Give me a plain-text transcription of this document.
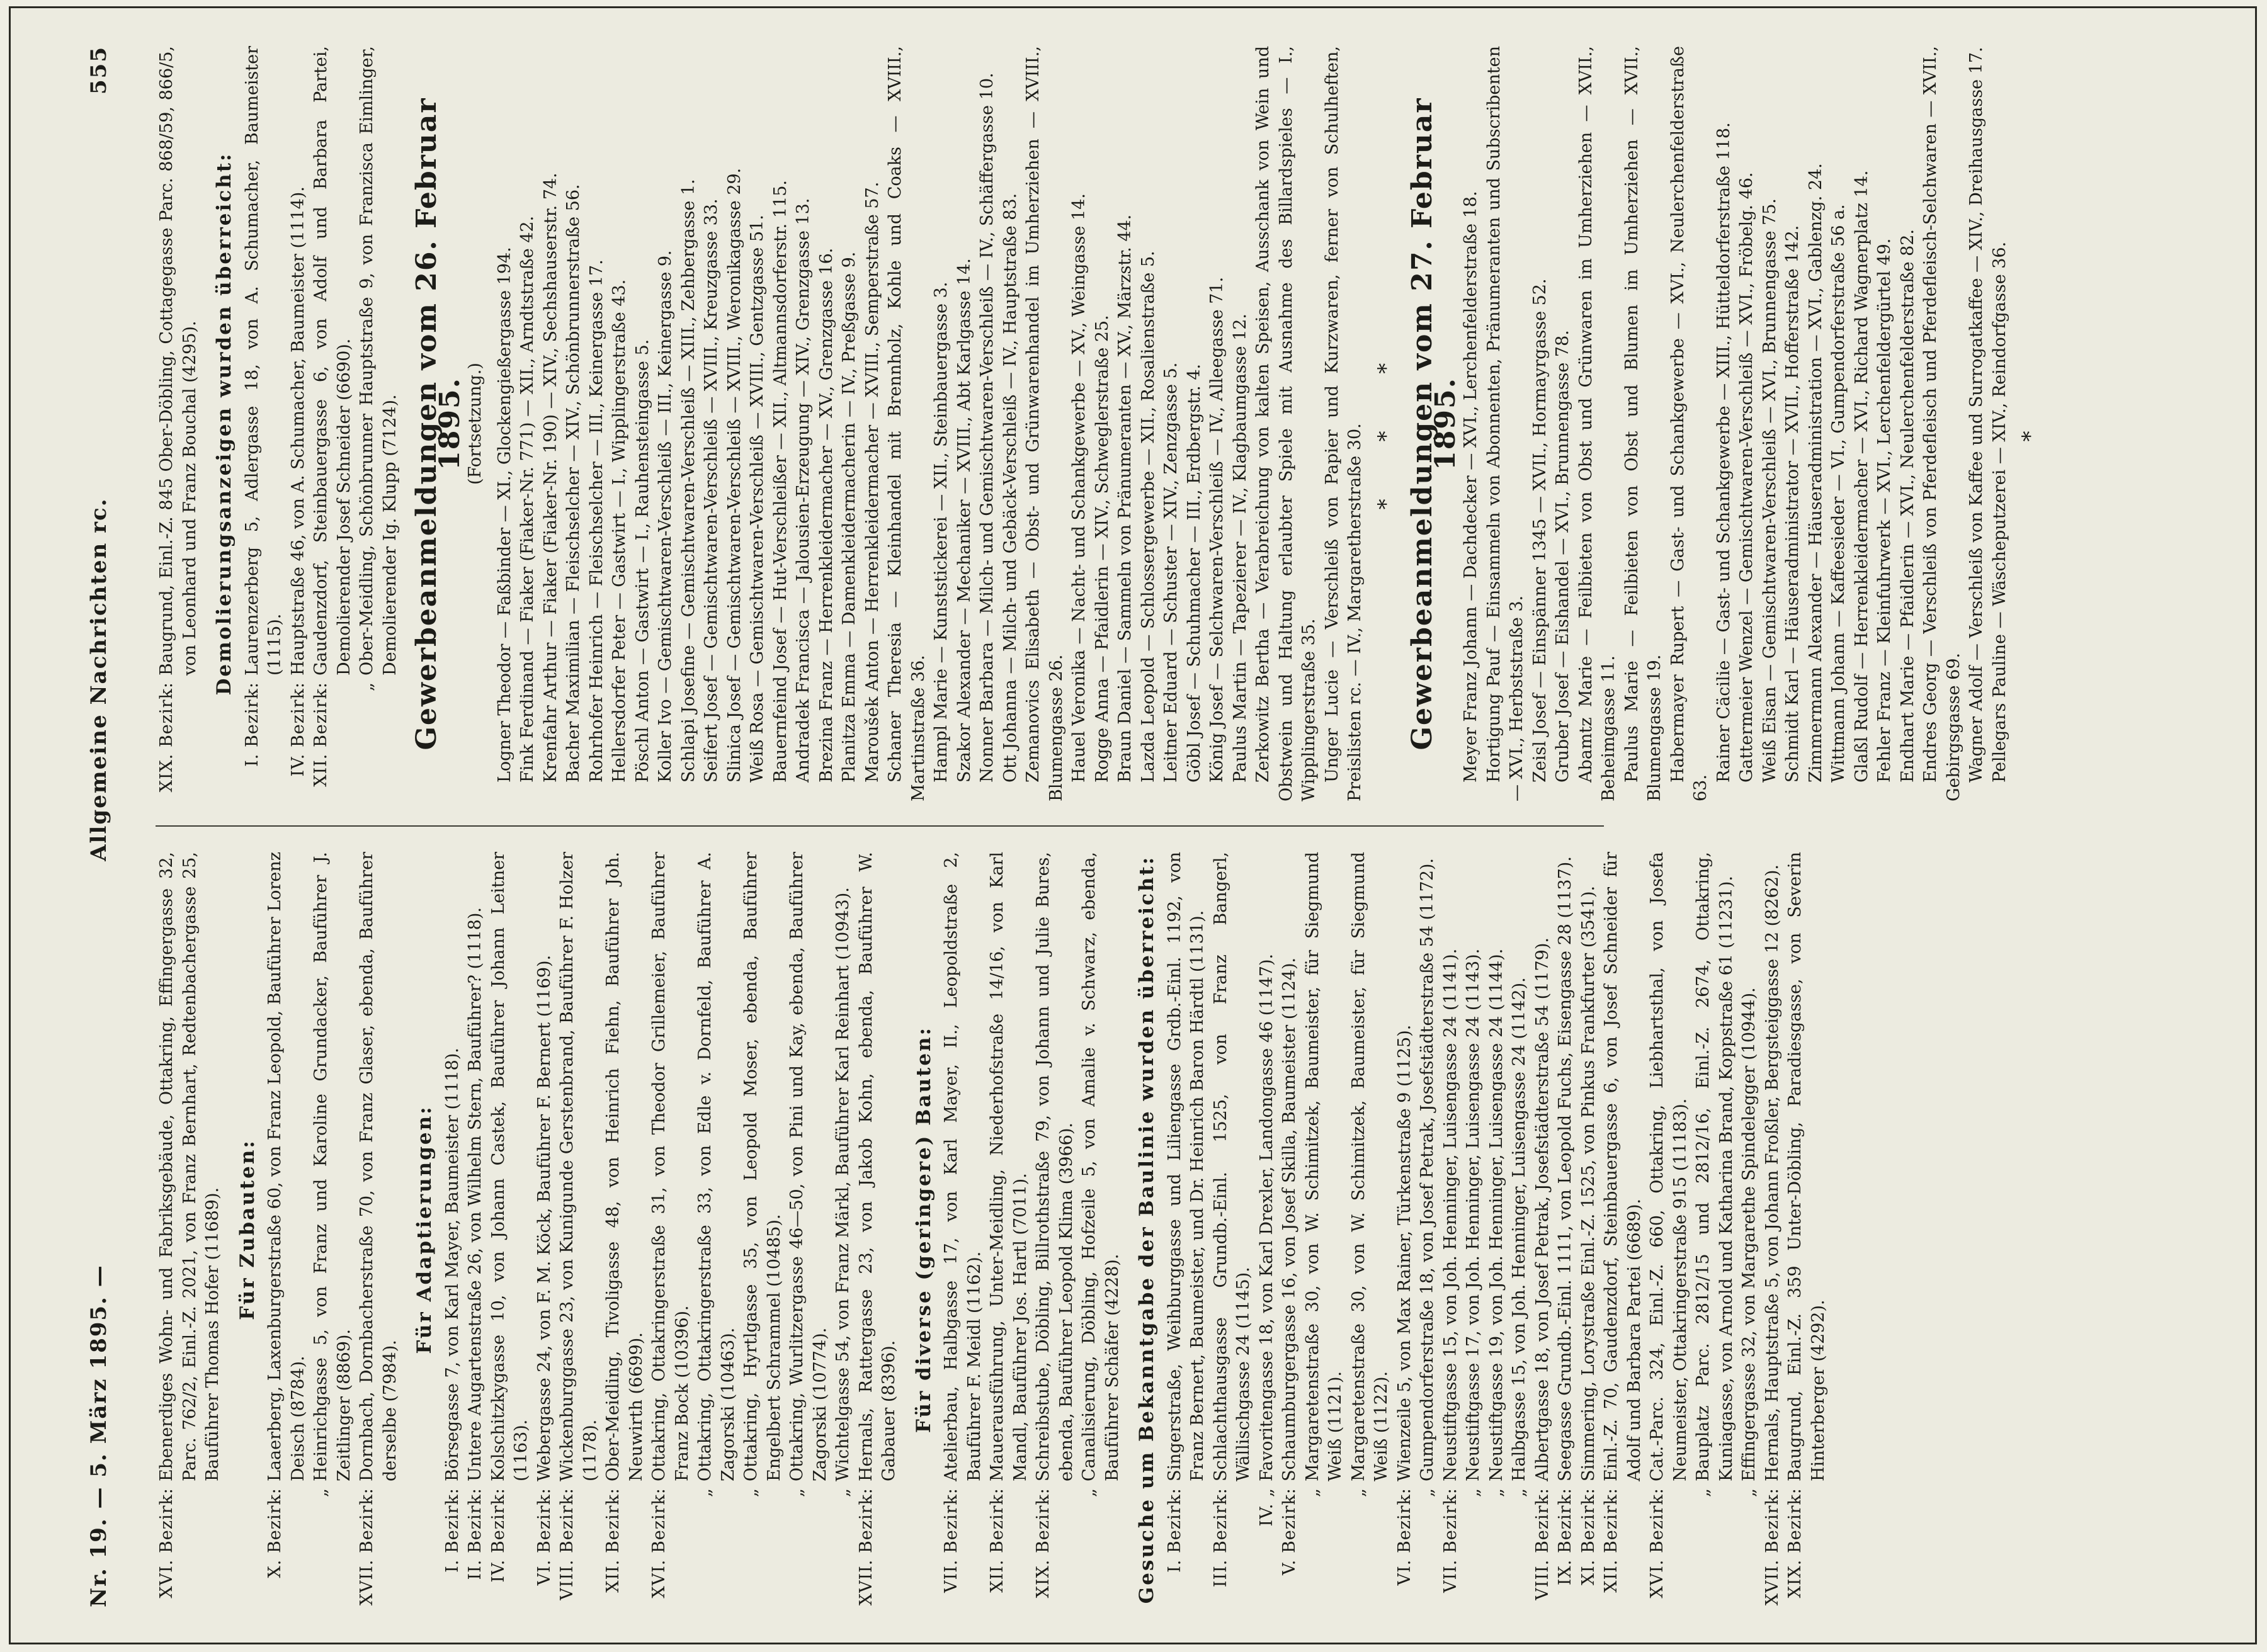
Nr. 19. — 5. März 1895. —
Allgemeine Nachrichten rc.
555
XVI. Bezirk:
Ebenerdiges Wohn- und Fabriksgebäude, Ottakring, Effingergasse 32, Parc. 762/2, Einl.-Z. 2021, von Franz Bernhart, Redtenbachergasse 25, Bauführer Thomas Hofer (11689). Für Zubauten:
X. Bezirk:
Laaerberg, Laxenburgerstraße 60, von Franz Leopold, Bauführer Lorenz Deisch (8784).
„
Heinrichgasse 5, von Franz und Karoline Grundacker, Bauführer J. Zeitlinger (8869).
XVII. Bezirk:
Dornbach, Dornbacherstraße 70, von Franz Glaser, ebenda, Bauführer derselbe (7984).
Für Adaptierungen:
I. Bezirk:
Börsegasse 7, von Karl Mayer, Baumeister (1118).
II. Bezirk:
Untere Augartenstraße 26, von Wilhelm Stern, Bauführer? (1118).
IV. Bezirk:
Kolschitzkygasse 10, von Johann Castek, Bauführer Johann Leitner (1163).
VI. Bezirk:
Webergasse 24, von F. M. Köck, Bauführer F. Bernert (1169).
VIII. Bezirk:
Wickenburggasse 23, von Kunigunde Gerstenbrand, Bauführer F. Holzer (1178).
XII. Bezirk:
Ober-Meidling, Tivoligasse 48, von Heinrich Fiehn, Bauführer Joh. Neuwirth (6699).
XVI. Bezirk:
Ottakring, Ottakringerstraße 31, von Theodor Grillemeier, Bauführer Franz Bock (10396).
„
Ottakring, Ottakringerstraße 33, von Edle v. Dornfeld, Bauführer A. Zagorski (10463).
„
Ottakring, Hyrtlgasse 35, von Leopold Moser, ebenda, Bauführer Engelbert Schrammel (10485).
„
Ottakring, Wurlitzergasse 46—50, von Pini und Kay, ebenda, Bauführer Zagorski (10774).
„
Wichtelgasse 54, von Franz Märkl, Bauführer Karl Reinhart (10943).
XVII. Bezirk:
Hernals, Rattergasse 23, von Jakob Kohn, ebenda, Bauführer W. Gabauer (8396). Für diverse (geringere) Bauten:
VII. Bezirk:
Atelierbau, Halbgasse 17, von Karl Mayer, II., Leopoldstraße 2, Bauführer F. Meidl (1162).
XII. Bezirk:
Mauerausführung, Unter-Meidling, Niederhofstraße 14/16, von Karl Mandl, Bauführer Jos. Hartl (7011).
XIX. Bezirk:
Schreibstube, Döbling, Billrothstraße 79, von Johann und Julie Bures, ebenda, Bauführer Leopold Klima (3966).
„
Canalisierung, Döbling, Hofzeile 5, von Amalie v. Schwarz, ebenda, Bauführer Schäfer (4228). Gesuche um Bekanntgabe der Baulinie wurden überreicht: I. Bezirk:
Singerstraße, Weihburggasse und Liliengasse Grdb.-Einl. 1192, von Franz Bernert, Baumeister, und Dr. Heinrich Baron Härdtl (1131).
III. Bezirk:
Schlachthausgasse Grundb.-Einl. 1525, von Franz Bangerl, Wällischgasse 24 (1145).
IV. „
Favoritengasse 18, von Karl Drexler, Landongasse 46 (1147).
V. Bezirk:
Schaumburgergasse 16, von Josef Skilla, Baumeister (1124).
„
Margaretenstraße 30, von W. Schimitzek, Baumeister, für Siegmund Weiß (1121).
„
Margaretenstraße 30, von W. Schimitzek, Baumeister, für Siegmund Weiß (1122).
VI. Bezirk:
Wienzeile 5, von Max Rainer, Türkenstraße 9 (1125).
„
Gumpendorferstraße 18, von Josef Petrak, Josefstädterstraße 54 (1172).
VII. Bezirk:
Neustiftgasse 15, von Joh. Henninger, Luisengasse 24 (1141).
„
Neustiftgasse 17, von Joh. Henninger, Luisengasse 24 (1143).
„
Neustiftgasse 19, von Joh. Henninger, Luisengasse 24 (1144).
„
Halbgasse 15, von Joh. Henninger, Luisengasse 24 (1142).
VIII. Bezirk:
Albertgasse 18, von Josef Petrak, Josefstädterstraße 54 (1179).
IX. Bezirk:
Seegasse Grundb.-Einl. 1111, von Leopold Fuchs, Eisengasse 28 (1137).
XI. Bezirk:
Simmering, Lorystraße Einl.-Z. 1525, von Pinkus Frankfurter (3541).
XII. Bezirk:
Einl.-Z. 70, Gaudenzdorf, Steinbauergasse 6, von Josef Schneider für Adolf und Barbara Partei (6689).
XVI. Bezirk:
Cat.-Parc. 324, Einl.-Z. 660, Ottakring, Liebhartsthal, von Josefa Neumeister, Ottakringerstraße 915 (11183).
„
Bauplatz Parc. 2812/15 und 2812/16, Einl.-Z. 2674, Ottakring, Kuniagasse, von Arnold und Katharina Brand, Koppstraße 61 (11231).
„
Effingergasse 32, von Margarethe Spindelegger (10944).
XVII. Bezirk:
Hernals, Hauptstraße 5, von Johann Froßler, Bergsteiggasse 12 (8262).
XIX. Bezirk:
Baugrund, Einl.-Z. 359 Unter-Döbling, Paradiesgasse, von Severin Hinterberger (4292).
XIX. Bezirk:
Baugrund, Einl.-Z. 845 Ober-Döbling, Cottagegasse Parc. 868/59, 866/5, von Leonhard und Franz Bouchal (4295). Demolierungsanzeigen wurden überreicht:
I. Bezirk:
Laurenzerberg 5, Adlergasse 18, von A. Schumacher, Baumeister (1115).
IV. Bezirk:
Hauptstraße 46, von A. Schumacher, Baumeister (1114).
XII. Bezirk:
Gaudenzdorf, Steinbauergasse 6, von Adolf und Barbara Partei, Demolierender Josef Schneider (6690).
„
Ober-Meidling, Schönbrunner Hauptstraße 9, von Franzisca Eimlinger, Demolierender Ig. Klupp (7124). Gewerbeanmeldungen vom 26. Februar 1895. (Fortsetzung.) Logner Theodor — Faßbinder — XI., Glockengießergasse 194. Fink Ferdinand — Fiaker (Fiaker-Nr. 771) — XII., Arndtstraße 42. Krenfahr Arthur — Fiaker (Fiaker-Nr. 190) — XIV., Sechshauserstr. 74. Bacher Maximilian — Fleischselcher — XIV., Schönbrunnerstraße 56. Rohrhofer Heinrich — Fleischselcher — III., Keinergasse 17. Hellersdorfer Peter — Gastwirt — I., Wipplingerstraße 43. Pöschl Anton — Gastwirt — I., Rauhensteingasse 5. Koller Ivo — Gemischtwaren-Verschleiß — III., Keinergasse 9. Schlapi Josefine — Gemischtwaren-Verschleiß — XIII., Zehbergasse 1. Seifert Josef — Gemischtwaren-Verschleiß — XVIII., Kreuzgasse 33. Slinica Josef — Gemischtwaren-Verschleiß — XVIII., Weronikagasse 29. Weiß Rosa — Gemischtwaren-Verschleiß — XVIII., Gentzgasse 51. Bauernfeind Josef — Hut-Verschleißer — XII., Altmannsdorferstr. 115. Andradek Francisca — Jalousien-Erzeugung — XIV., Grenzgasse 13. Brezina Franz — Herrenkleidermacher — XV., Grenzgasse 16. Planitza Emma — Damenkleidermacherin — IV., Preßgasse 9. Maroušek Anton — Herrenkleidermacher — XVIII., Semperstraße 57. Schaner Theresia — Kleinhandel mit Brennholz, Kohle und Coaks — XVIII., Martinstraße 36. Hampl Marie — Kunststickerei — XII., Steinbauergasse 3. Szakor Alexander — Mechaniker — XVIII., Abt Karlgasse 14. Nonner Barbara — Milch- und Gemischtwaren-Verschleiß — IV., Schäffergasse 10. Ott Johanna — Milch- und Gebäck-Verschleiß — IV., Hauptstraße 83. Zemanovics Elisabeth — Obst- und Grünwarenhandel im Umherziehen — XVIII., Blumengasse 26. Hauel Veronika — Nacht- und Schankgewerbe — XV., Weingasse 14. Rogge Anna — Pfaidlerin — XIV., Schweglerstraße 25. Braun Daniel — Sammeln von Pränumeranten — XV., Märzstr. 44. Lazda Leopold — Schlossergewerbe — XII., Rosalienstraße 5. Leitner Eduard — Schuster — XIV., Zenzgasse 5. Göbl Josef — Schuhmacher — III., Erdbergstr. 4. König Josef — Selchwaren-Verschleiß — IV., Alleegasse 71. Paulus Martin — Tapezierer — IV., Klagbaumgasse 12. Zerkowitz Bertha — Verabreichung von kalten Speisen, Ausschank von Wein und Obstwein und Haltung erlaubter Spiele mit Ausnahme des Billardspieles — I., Wipplingerstraße 35. Unger Lucie — Verschleiß von Papier und Kurzwaren, ferner von Schulheften, Preislisten rc. — IV., Margaretherstraße 30. * * * Gewerbeanmeldungen vom 27. Februar 1895. Meyer Franz Johann — Dachdecker — XVI., Lerchenfelderstraße 18. Hortigung Pauf — Einsammeln von Abonnenten, Pränumeranten und Subscribenten — XVI., Herbststraße 3. Zeisl Josef — Einspänner 1345 — XVII., Hormayrgasse 52. Gruber Josef — Eishandel — XVI., Brunnengasse 78. Abamtz Marie — Feilbieten von Obst und Grünwaren im Umherziehen — XVII., Beheimgasse 11. Paulus Marie — Feilbieten von Obst und Blumen im Umherziehen — XVII., Blumengasse 19. Habermayer Rupert — Gast- und Schankgewerbe — XVI., Neulerchenfelderstraße 63.

Rainer Cäcilie — Gast- und Schankgewerbe — XIII., Hütteldorferstraße 118. Gattermeier Wenzel — Gemischtwaren-Verschleiß — XVI., Fröbelg. 46. Weiß Eisan — Gemischtwaren-Verschleiß — XVI., Brunnengasse 75. Schmidt Karl — Häuseradministrator — XVII., Hofferstraße 142. Zimmermann Alexander — Häuseradministration — XVI., Gablenzg. 24. Wittmann Johann — Kaffeesieder — VI., Gumpendorferstraße 56 a. Glaßl Rudolf — Herrenkleidermacher — XVI., Richard Wagnerplatz 14. Fehler Franz — Kleinfuhrwerk — XVI., Lerchenfeldergürtel 49. Endhart Marie — Pfaidlerin — XVI., Neulerchenfelderstraße 82. Endres Georg — Verschleiß von Pferdefleisch und Pferdefleisch-Selchwaren — XVII., Gebirgsgasse 69. Wagner Adolf — Verschleiß von Kaffee und Surrogatkaffee — XIV., Dreihausgasse 17. Pellegars Pauline — Wäscheputzerei — XIV., Reindorfgasse 36. *
